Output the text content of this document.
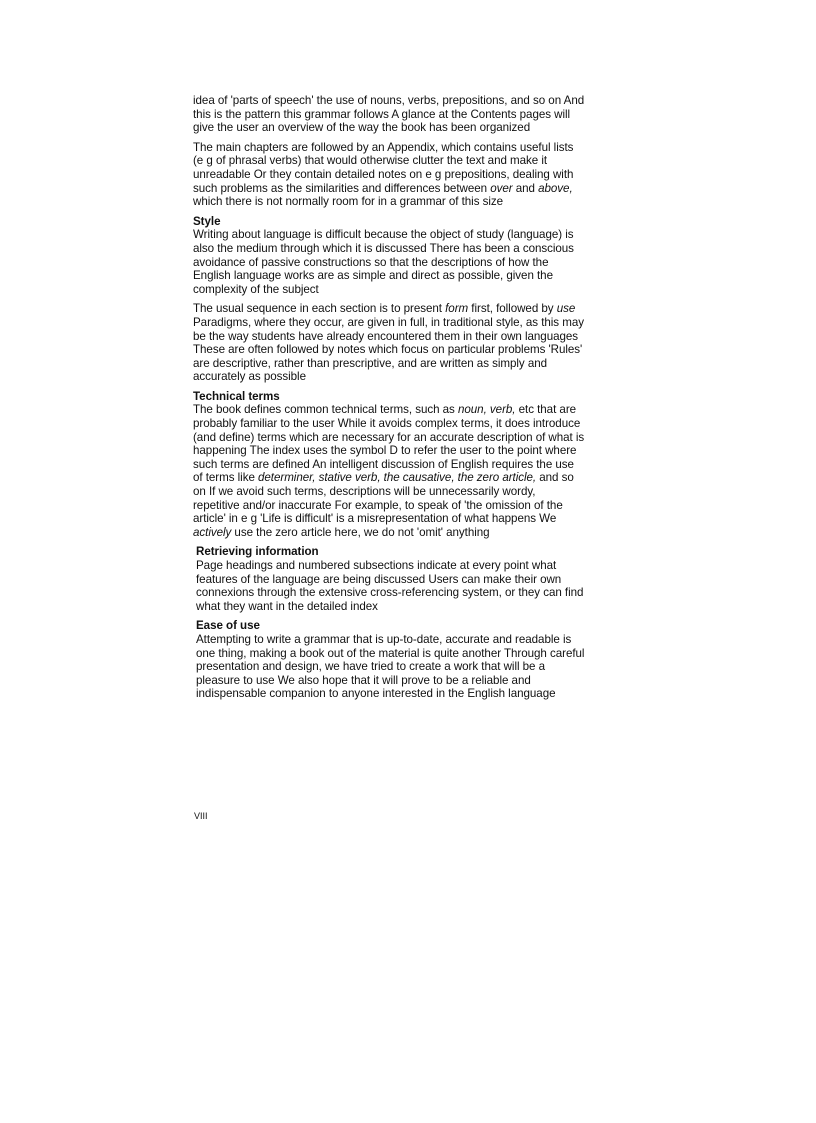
idea of 'parts of speech' the use of nouns, verbs, prepositions, and so on And this is the pattern this grammar follows A glance at the Contents pages will give the user an overview of the way the book has been organized

The main chapters are followed by an Appendix, which contains useful lists (e g of phrasal verbs) that would otherwise clutter the text and make it unreadable Or they contain detailed notes on e g prepositions, dealing with such problems as the similarities and differences between over and above, which there is not normally room for in a grammar of this size

Style

Writing about language is difficult because the object of study (language) is also the medium through which it is discussed There has been a conscious avoidance of passive constructions so that the descriptions of how the English language works are as simple and direct as possible, given the complexity of the subject

The usual sequence in each section is to present form first, followed by use Paradigms, where they occur, are given in full, in traditional style, as this may be the way students have already encountered them in their own languages These are often followed by notes which focus on particular problems 'Rules' are descriptive, rather than prescriptive, and are written as simply and accurately as possible

Technical terms

The book defines common technical terms, such as noun, verb, etc that are probably familiar to the user While it avoids complex terms, it does introduce (and define) terms which are necessary for an accurate description of what is happening The index uses the symbol D to refer the user to the point where such terms are defined An intelligent discussion of English requires the use of terms like determiner, stative verb, the causative, the zero article, and so on If we avoid such terms, descriptions will be unnecessarily wordy, repetitive and/or inaccurate For example, to speak of 'the omission of the article' in e g 'Life is difficult' is a misrepresentation of what happens We actively use the zero article here, we do not 'omit' anything

Retrieving information

Page headings and numbered subsections indicate at every point what features of the language are being discussed Users can make their own connexions through the extensive cross-referencing system, or they can find what they want in the detailed index

Ease of use

Attempting to write a grammar that is up-to-date, accurate and readable is one thing, making a book out of the material is quite another Through careful presentation and design, we have tried to create a work that will be a pleasure to use We also hope that it will prove to be a reliable and indispensable companion to anyone interested in the English language

VIII
